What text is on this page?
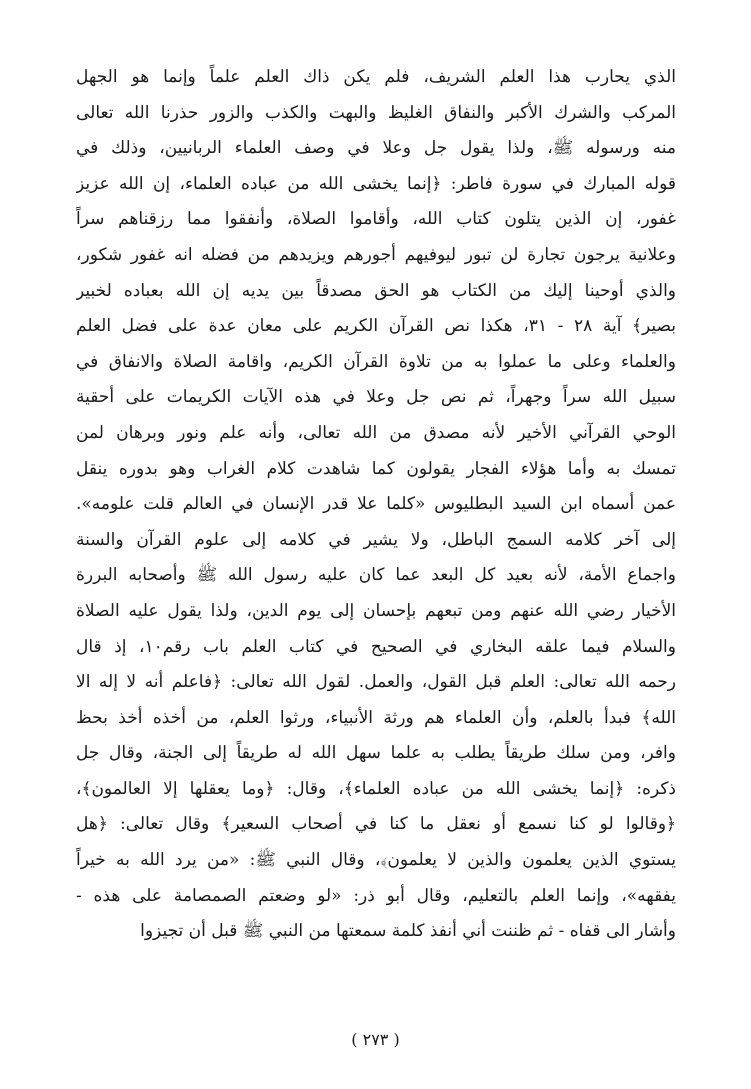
الذي يحارب هذا العلم الشريف، فلم يكن ذاك العلم علماً وإنما هو الجهل
المركب والشرك الأكبر والنفاق الغليظ والبهت والكذب والزور حذرنا الله تعالى
منه ورسوله ﷺ، ولذا يقول جل وعلا في وصف العلماء الربانيين، وذلك في
قوله المبارك في سورة فاطر: ﴿إنما يخشى الله من عباده العلماء، إن الله عزيز
غفور، إن الذين يتلون كتاب الله، وأقاموا الصلاة، وأنفقوا مما رزقناهم سراً
وعلانية يرجون تجارة لن تبور ليوفيهم أجورهم ويزيدهم من فضله انه غفور شكور،
والذي أوحينا إليك من الكتاب هو الحق مصدقاً بين يديه إن الله بعباده لخبير
بصير﴾ آية ٢٨ - ٣١، هكذا نص القرآن الكريم على معان عدة على فضل العلم
والعلماء وعلى ما عملوا به من تلاوة القرآن الكريم، واقامة الصلاة والانفاق في
سبيل الله سراً وجهراً، ثم نص جل وعلا في هذه الآيات الكريمات على أحقية
الوحي القرآني الأخير لأنه مصدق من الله تعالى، وأنه علم ونور وبرهان لمن
تمسك به وأما هؤلاء الفجار يقولون كما شاهدت كلام الغراب وهو بدوره ينقل
عمن أسماه ابن السيد البطليوس «كلما علا قدر الإنسان في العالم قلت علومه».
إلى آخر كلامه السمج الباطل، ولا يشير في كلامه إلى علوم القرآن والسنة
واجماع الأمة، لأنه بعيد كل البعد عما كان عليه رسول الله ﷺ وأصحابه البررة
الأخيار رضي الله عنهم ومن تبعهم بإحسان إلى يوم الدين، ولذا يقول عليه الصلاة
والسلام فيما علقه البخاري في الصحيح في كتاب العلم باب رقم١٠، إذ قال
رحمه الله تعالى: العلم قبل القول، والعمل. لقول الله تعالى: ﴿فاعلم أنه لا إله الا
الله﴾ فبدأ بالعلم، وأن العلماء هم ورثة الأنبياء، ورثوا العلم، من أخذه أخذ بحظ
وافر، ومن سلك طريقاً يطلب به علما سهل الله له طريقاً إلى الجنة، وقال جل
ذكره: ﴿إنما يخشى الله من عباده العلماء﴾، وقال: ﴿وما يعقلها إلا العالمون﴾،
﴿وقالوا لو كنا نسمع أو نعقل ما كنا في أصحاب السعير﴾ وقال تعالى: ﴿هل
يستوي الذين يعلمون والذين لا يعلمون﴾، وقال النبي ﷺ: «من يرد الله به خيراً
يفقهه»، وإنما العلم بالتعليم، وقال أبو ذر: «لو وضعتم الصمصامة على هذه -
وأشار الى قفاه - ثم ظننت أني أنفذ كلمة سمعتها من النبي ﷺ قبل أن تجيزوا
( ٢٧٣ )
